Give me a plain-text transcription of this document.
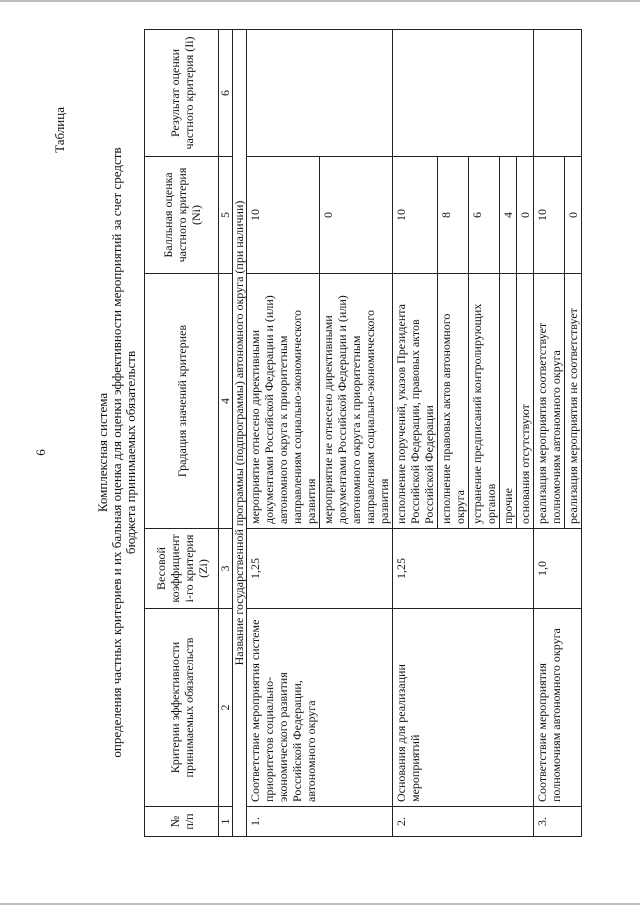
6
Таблица
Комплексная система определения частных критериев и их бальная оценка для оценки эффективности мероприятий за счет средств бюджета принимаемых обязательств
№ п/п	Критерии эффективности принимаемых обязательств	Весовой коэффициент i-го критерия (Zi)	Градация значений критериев	Балльная оценка частного критерия (Ni)	Результат оценки частного критерия (Ii)
1	2	3	4	5	6
Название государственной программы (подпрограммы) автономного округа (при наличии)					
1.	Соответствие мероприятия системе приоритетов социально-экономического развития Российской Федерации, автономного округа	1,25	мероприятие отнесено директивными документами Российской Федерации и (или) автономного округа к приоритетным направлениям социально-экономического развития	10	
			мероприятие не отнесено директивными документами Российской Федерации и (или) автономного округа к приоритетным направлениям социально-экономического развития	0	
2.	Основания для реализации мероприятий	1,25	исполнение поручений, указов Президента Российской Федерации, правовых актов Российской Федерации	10	
			исполнение правовых актов автономного округа	8	
			устранение предписаний контролирующих органов	6	
			прочие	4	
			основания отсутствуют	0	
3.	Соответствие мероприятия полномочиям автономного округа	1,0	реализация мероприятия соответствует полномочиям автономного округа	10	
			реализация мероприятия не соответствует	0	
